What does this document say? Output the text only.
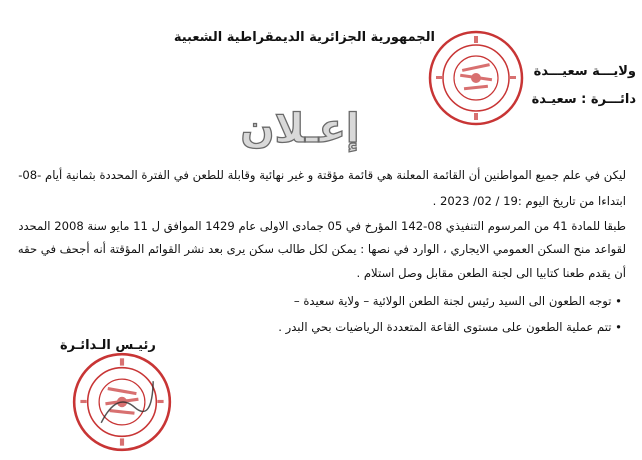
الجمهورية الجزائرية الديمقراطية الشعبية
ولايـــة سعيـــدة
دائـــرة : سعيـدة
إعـلان
ليكن في علم جميع المواطنين أن القائمة المعلنة هي قائمة مؤقتة و غير نهائية وقابلة للطعن في الفترة المحددة بثمانية أيام -08-
ابتداءا من تاريخ اليوم :19 / 02/ 2023 .
طبقا للمادة 41 من المرسوم التنفيذي 08-142 المؤرخ في 05 جمادى الاولى عام 1429 الموافق ل 11 مايو سنة 2008 المحدد
لقواعد منح السكن العمومي الايجاري ، الوارد في نصها : يمكن لكل طالب سكن يرى بعد نشر القوائم المؤقتة أنه أجحف في حقه
أن يقدم طعنا كتابيا الى لجنة الطعن مقابل وصل استلام .
• توجه الطعون الى السيد رئيس لجنة الطعن الولائية – ولاية سعيدة –
• تتم عملية الطعون على مستوى القاعة المتعددة الرياضيات بحي البدر .
رئيـس الـدائـرة
